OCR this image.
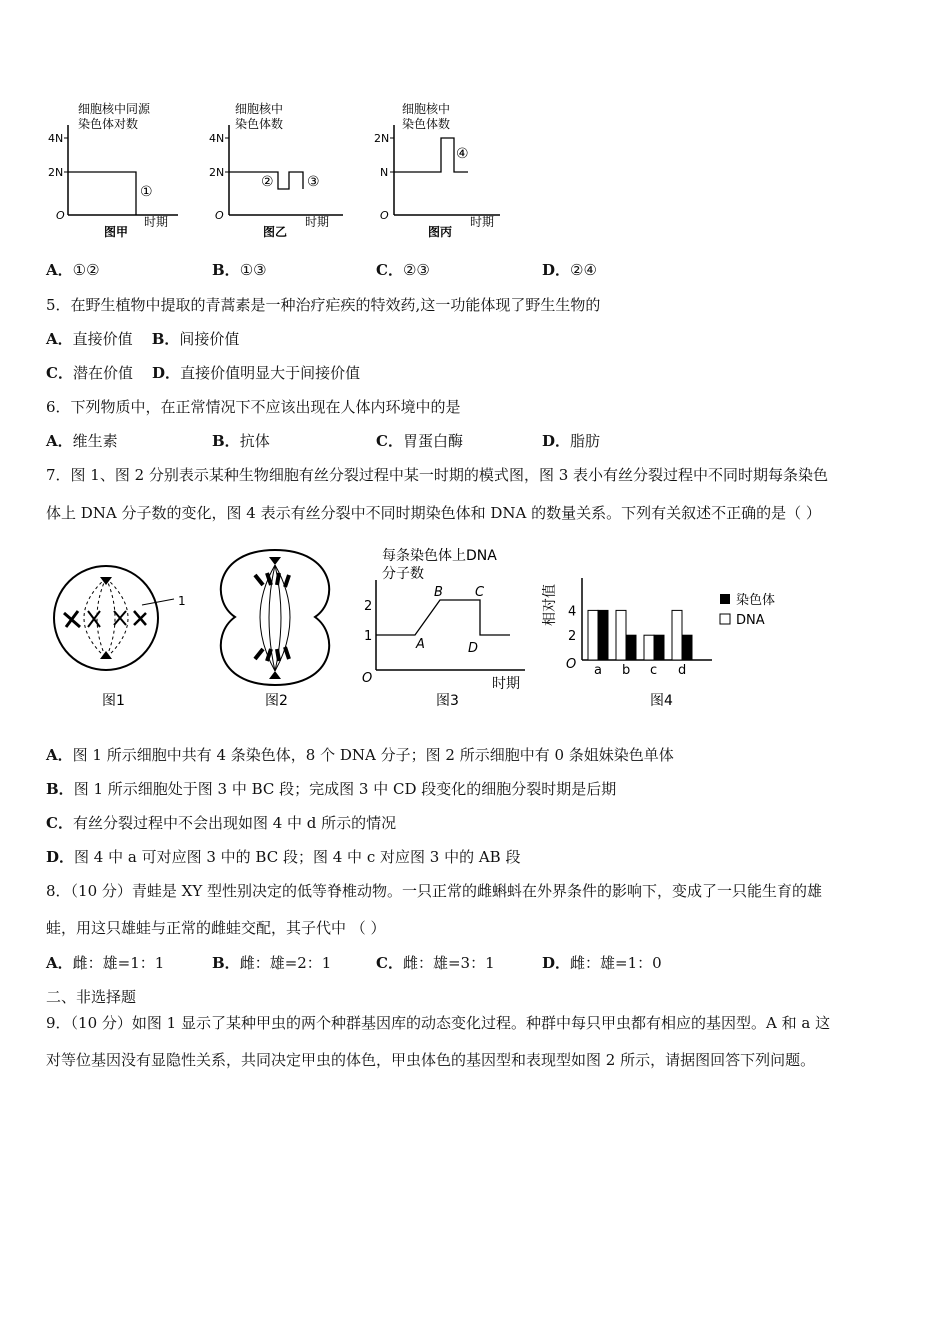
细胞核中同源
染色体对数
4N
2N
①
O	时期
图甲
细胞核中
染色体数
4N
2N
② ③
O	时期
图乙
细胞核中
染色体数
2N
N
④
O	时期
图丙
A．①②	B．①③	C．②③	D．②④
5．在野生植物中提取的青蒿素是一种治疗疟疾的特效药,这一功能体现了野生生物的
A．直接价值 B．间接价值
C．潜在价值 D．直接价值明显大于间接价值
6．下列物质中，在正常情况下不应该出现在人体内环境中的是
A．维生素	B．抗体	C．胃蛋白酶	D．脂肪
7．图 1、图 2 分别表示某种生物细胞有丝分裂过程中某一时期的模式图，图 3 表小有丝分裂过程中不同时期每条染色
体上 DNA 分子数的变化，图 4 表示有丝分裂中不同时期染色体和 DNA 的数量关系。下列有关叙述不正确的是（ ）
1
图1	图2
每条染色体上DNA
分子数
2
1
A
B C
D
O	时期
图3
相对值
O
2
4
a b c d
染色体
DNA
图4
A．图 1 所示细胞中共有 4 条染色体，8 个 DNA 分子；图 2 所示细胞中有 0 条姐妹染色单体
B．图 1 所示细胞处于图 3 中 BC 段；完成图 3 中 CD 段变化的细胞分裂时期是后期
C．有丝分裂过程中不会出现如图 4 中 d 所示的情况
D．图 4 中 a 可对应图 3 中的 BC 段；图 4 中 c 对应图 3 中的 AB 段
8．（10 分）青蛙是 XY 型性别决定的低等脊椎动物。一只正常的雌蝌蚪在外界条件的影响下，变成了一只能生育的雄
蛙，用这只雄蛙与正常的雌蛙交配，其子代中 （ ）
A．雌：雄=1：1	B．雌：雄=2：1	C．雌：雄=3：1	D．雌：雄=1：0
二、非选择题
9．（10 分）如图 1 显示了某种甲虫的两个种群基因库的动态变化过程。种群中每只甲虫都有相应的基因型。A 和 a 这
对等位基因没有显隐性关系，共同决定甲虫的体色，甲虫体色的基因型和表现型如图 2 所示，请据图回答下列问题。
